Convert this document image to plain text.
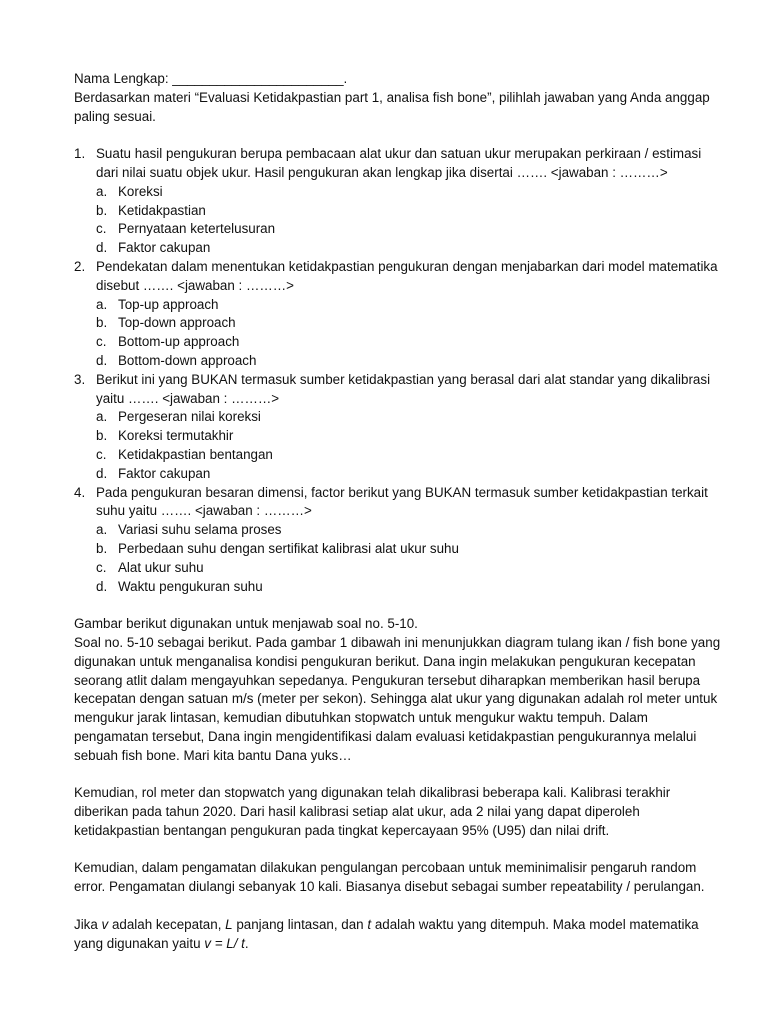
Nama Lengkap: _______________________.

Berdasarkan materi “Evaluasi Ketidakpastian part 1, analisa fish bone”, pilihlah jawaban yang Anda anggap paling sesuai.

1. Suatu hasil pengukuran berupa pembacaan alat ukur dan satuan ukur merupakan perkiraan / estimasi dari nilai suatu objek ukur. Hasil pengukuran akan lengkap jika disertai ……. <jawaban : ………>
a. Koreksi
b. Ketidakpastian
c. Pernyataan ketertelusuran
d. Faktor cakupan
2. Pendekatan dalam menentukan ketidakpastian pengukuran dengan menjabarkan dari model matematika disebut ……. <jawaban : ………>
a. Top-up approach
b. Top-down approach
c. Bottom-up approach
d. Bottom-down approach
3. Berikut ini yang BUKAN termasuk sumber ketidakpastian yang berasal dari alat standar yang dikalibrasi yaitu ……. <jawaban : ………>
a. Pergeseran nilai koreksi
b. Koreksi termutakhir
c. Ketidakpastian bentangan
d. Faktor cakupan
4. Pada pengukuran besaran dimensi, factor berikut yang BUKAN termasuk sumber ketidakpastian terkait suhu yaitu ……. <jawaban : ………>
a. Variasi suhu selama proses
b. Perbedaan suhu dengan sertifikat kalibrasi alat ukur suhu
c. Alat ukur suhu
d. Waktu pengukuran suhu

Gambar berikut digunakan untuk menjawab soal no. 5-10.

Soal no. 5-10 sebagai berikut. Pada gambar 1 dibawah ini menunjukkan diagram tulang ikan / fish bone yang digunakan untuk menganalisa kondisi pengukuran berikut. Dana ingin melakukan pengukuran kecepatan seorang atlit dalam mengayuhkan sepedanya. Pengukuran tersebut diharapkan memberikan hasil berupa kecepatan dengan satuan m/s (meter per sekon). Sehingga alat ukur yang digunakan adalah rol meter untuk mengukur jarak lintasan, kemudian dibutuhkan stopwatch untuk mengukur waktu tempuh. Dalam pengamatan tersebut, Dana ingin mengidentifikasi dalam evaluasi ketidakpastian pengukurannya melalui sebuah fish bone. Mari kita bantu Dana yuks…

Kemudian, rol meter dan stopwatch yang digunakan telah dikalibrasi beberapa kali. Kalibrasi terakhir diberikan pada tahun 2020. Dari hasil kalibrasi setiap alat ukur, ada 2 nilai yang dapat diperoleh ketidakpastian bentangan pengukuran pada tingkat kepercayaan 95% (U95) dan nilai drift.

Kemudian, dalam pengamatan dilakukan pengulangan percobaan untuk meminimalisir pengaruh random error. Pengamatan diulangi sebanyak 10 kali. Biasanya disebut sebagai sumber repeatability / perulangan.

Jika v adalah kecepatan, L panjang lintasan, dan t adalah waktu yang ditempuh. Maka model matematika yang digunakan yaitu v = L/ t.
